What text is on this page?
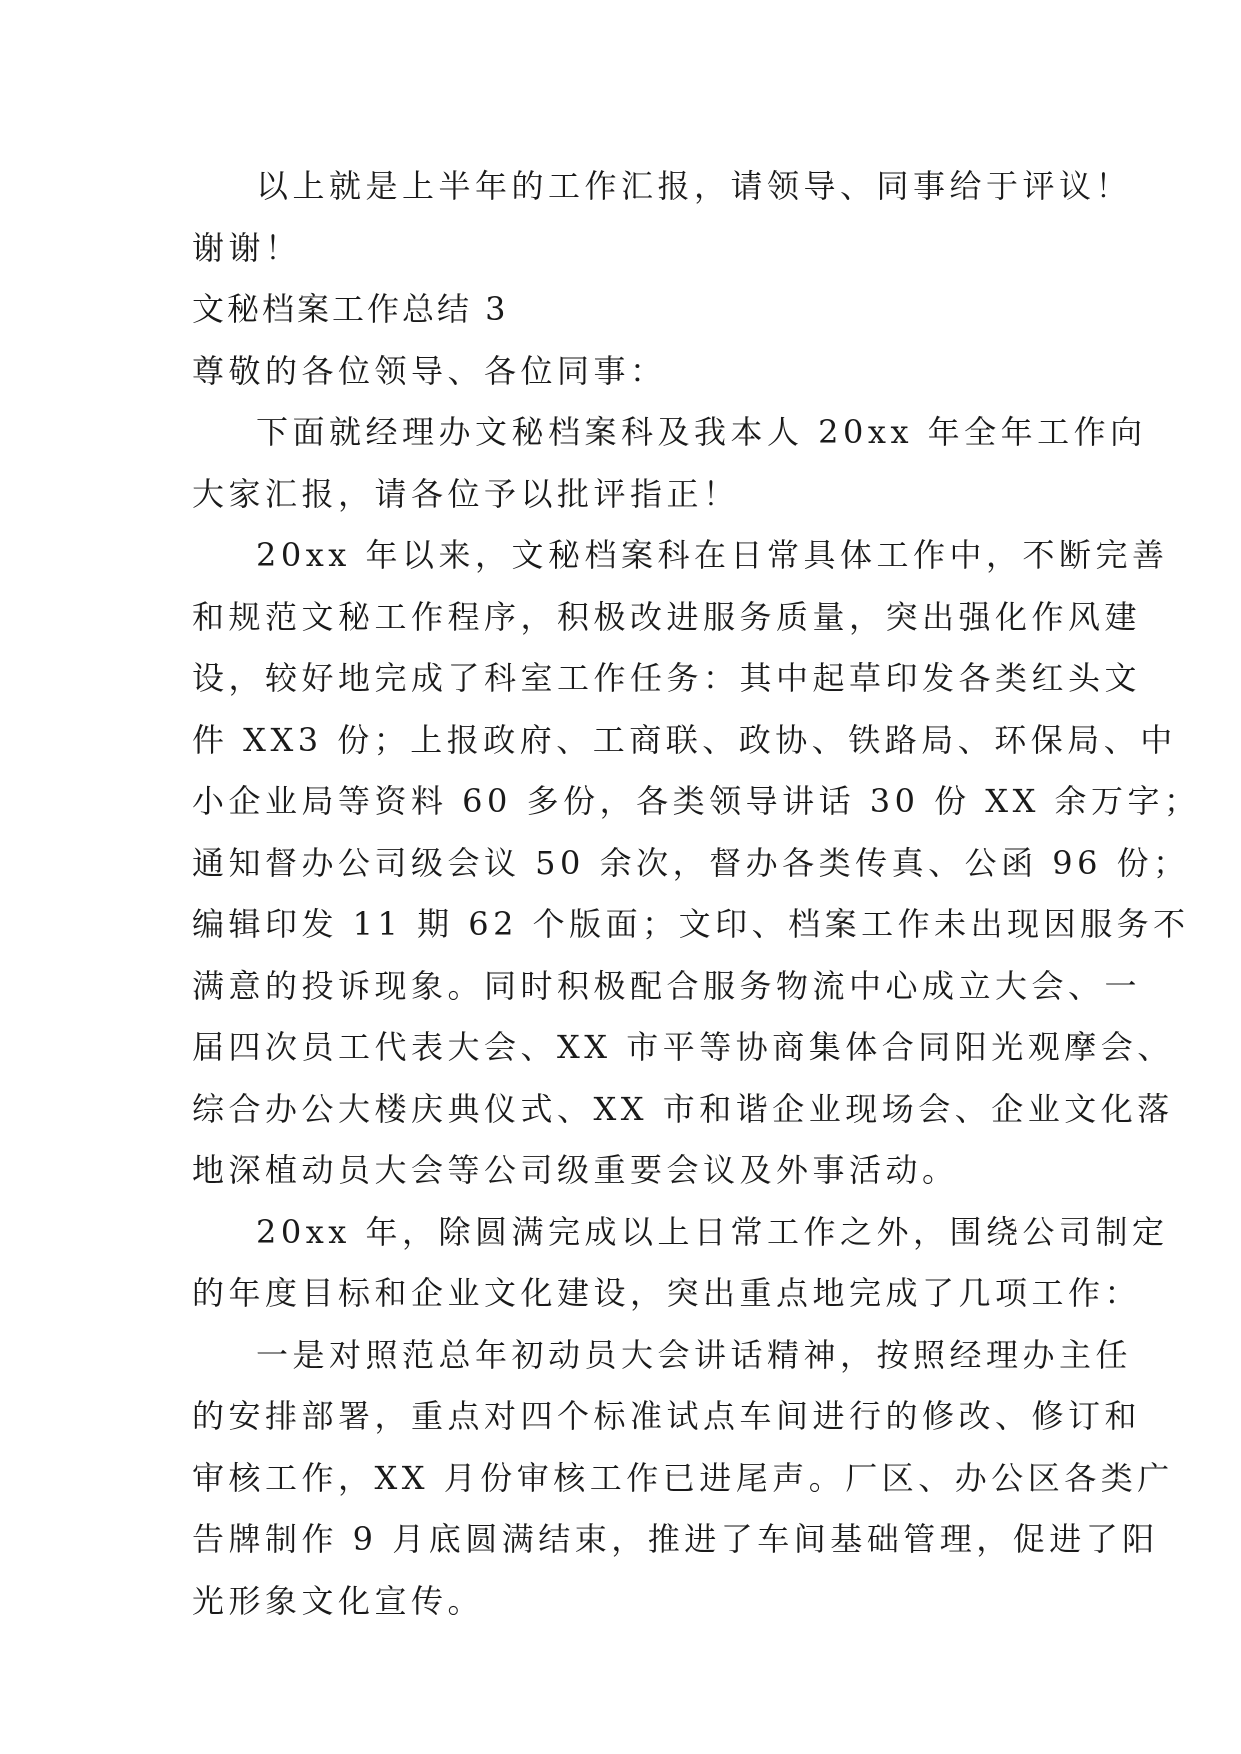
以上就是上半年的工作汇报，请领导、同事给于评议！
谢谢！
文秘档案工作总结 3
尊敬的各位领导、各位同事：
下面就经理办文秘档案科及我本人 20xx 年全年工作向
大家汇报，请各位予以批评指正！
20xx 年以来，文秘档案科在日常具体工作中，不断完善
和规范文秘工作程序，积极改进服务质量，突出强化作风建
设，较好地完成了科室工作任务：其中起草印发各类红头文
件 XX3 份；上报政府、工商联、政协、铁路局、环保局、中
小企业局等资料 60 多份，各类领导讲话 30 份 XX 余万字；
通知督办公司级会议 50 余次，督办各类传真、公函 96 份；
编辑印发 11 期 62 个版面；文印、档案工作未出现因服务不
满意的投诉现象。同时积极配合服务物流中心成立大会、一
届四次员工代表大会、XX 市平等协商集体合同阳光观摩会、
综合办公大楼庆典仪式、XX 市和谐企业现场会、企业文化落
地深植动员大会等公司级重要会议及外事活动。
20xx 年，除圆满完成以上日常工作之外，围绕公司制定
的年度目标和企业文化建设，突出重点地完成了几项工作：
一是对照范总年初动员大会讲话精神，按照经理办主任
的安排部署，重点对四个标准试点车间进行的修改、修订和
审核工作，XX 月份审核工作已进尾声。厂区、办公区各类广
告牌制作 9 月底圆满结束，推进了车间基础管理，促进了阳
光形象文化宣传。
